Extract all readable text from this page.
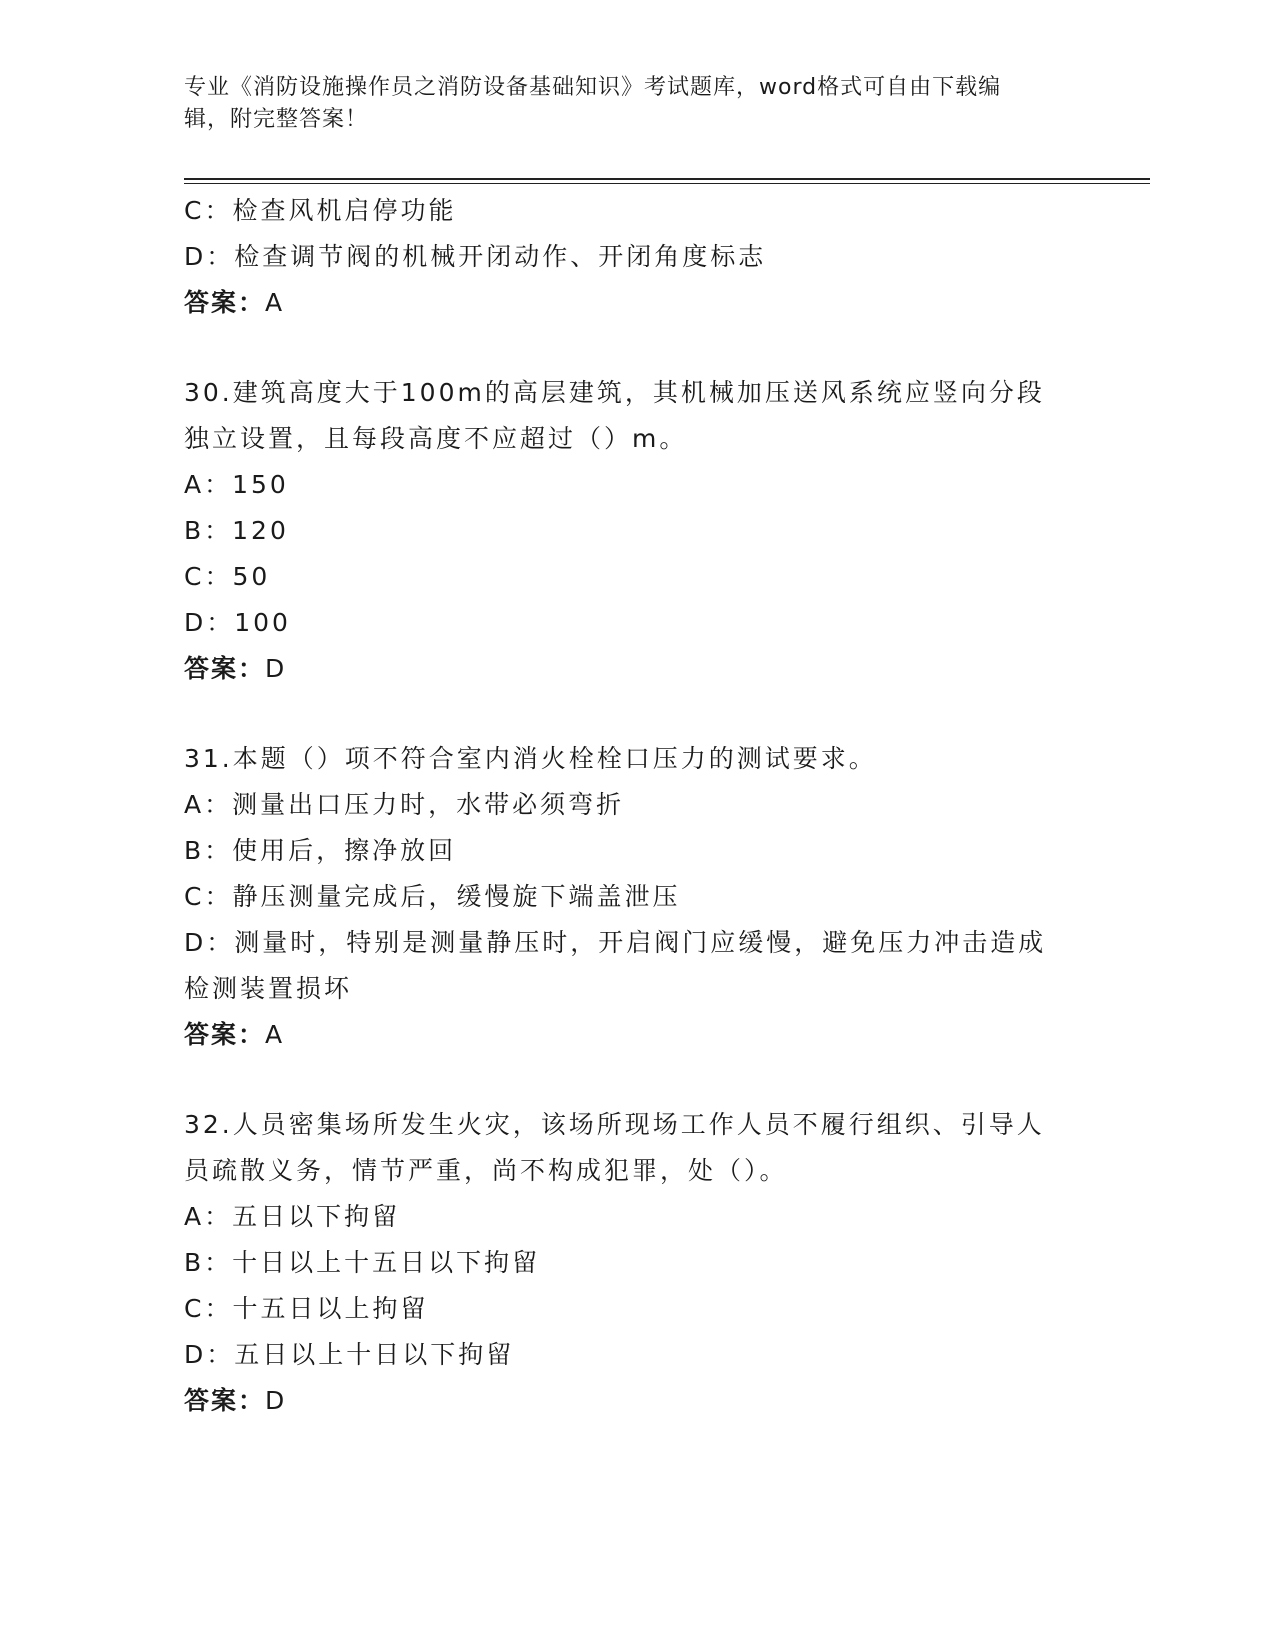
专业《消防设施操作员之消防设备基础知识》考试题库，word格式可自由下载编
辑，附完整答案！
C：检查风机启停功能
D：检查调节阀的机械开闭动作、开闭角度标志
答案：A
30.建筑高度大于100m的高层建筑，其机械加压送风系统应竖向分段
独立设置，且每段高度不应超过（）m。
A：150
B：120
C：50
D：100
答案：D
31.本题（）项不符合室内消火栓栓口压力的测试要求。
A：测量出口压力时，水带必须弯折
B：使用后，擦净放回
C：静压测量完成后，缓慢旋下端盖泄压
D：测量时，特别是测量静压时，开启阀门应缓慢，避免压力冲击造成
检测装置损坏
答案：A
32.人员密集场所发生火灾，该场所现场工作人员不履行组织、引导人
员疏散义务，情节严重，尚不构成犯罪，处（）。
A：五日以下拘留
B：十日以上十五日以下拘留
C：十五日以上拘留
D：五日以上十日以下拘留
答案：D
